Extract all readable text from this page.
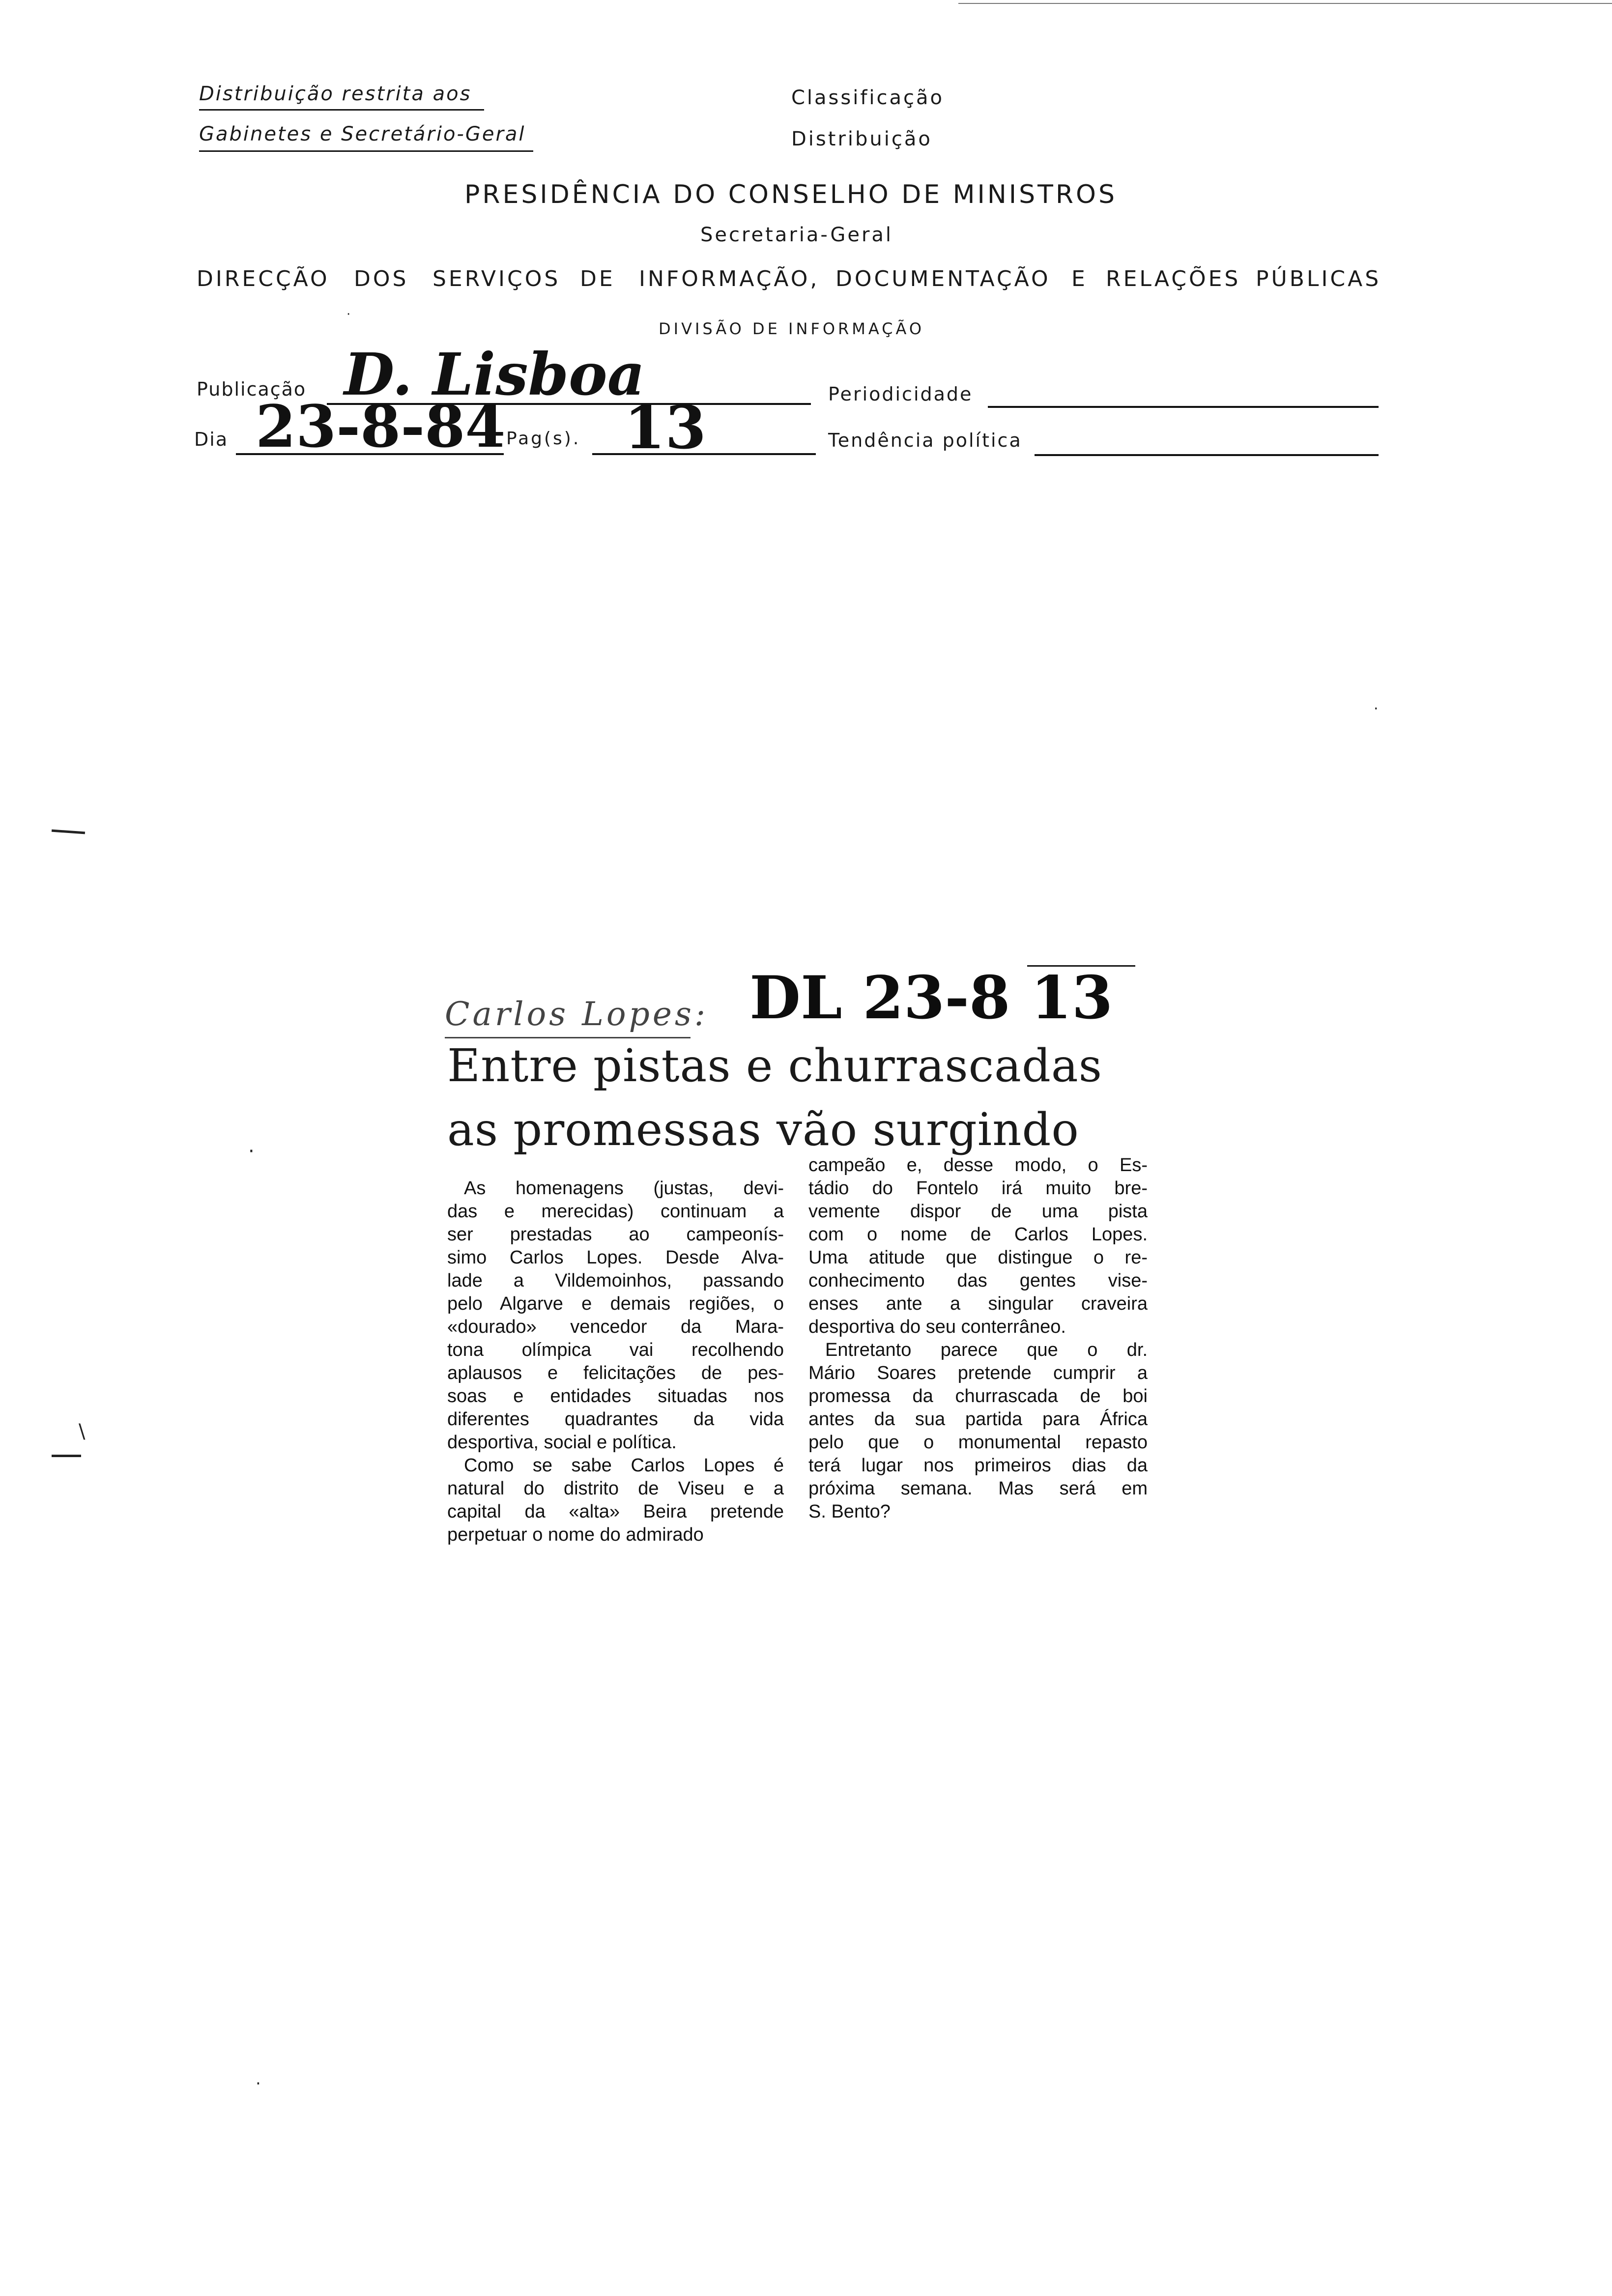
\
·
·
·
Distribuição restrita aos
Gabinetes e Secretário-Geral
Classificação
Distribuição
PRESIDÊNCIA DO CONSELHO DE MINISTROS
Secretaria-Geral
DIRECÇÃO DOS SERVIÇOS DE INFORMAÇÃO, DOCUMENTAÇÃO E RELAÇÕES PÚBLICAS
DIVISÃO DE INFORMAÇÃO
·
Publicação D. Lisboa	Periodicidade
Dia 23-8-84 Pag(s). 13	Tendência política
Carlos Lopes: DL 23-8 13
Entre pistas e churrascadas
as promessas vão surgindo

As homenagens (justas, devi-

das e merecidas) continuam a

ser prestadas ao campeonís-

simo Carlos Lopes. Desde Alva-

lade a Vildemoinhos, passando

pelo Algarve e demais regiões, o

«dourado» vencedor da Mara-

tona olímpica vai recolhendo

aplausos e felicitações de pes-

soas e entidades situadas nos

diferentes quadrantes da vida

desportiva, social e política.

Como se sabe Carlos Lopes é

natural do distrito de Viseu e a

capital da «alta» Beira pretende

perpetuar o nome do admirado

campeão e, desse modo, o Es-

tádio do Fontelo irá muito bre-

vemente dispor de uma pista

com o nome de Carlos Lopes.

Uma atitude que distingue o re-

conhecimento das gentes vise-

enses ante a singular craveira

desportiva do seu conterrâneo.

Entretanto parece que o dr.

Mário Soares pretende cumprir a

promessa da churrascada de boi

antes da sua partida para África

pelo que o monumental repasto

terá lugar nos primeiros dias da

próxima semana. Mas será em

S. Bento?
